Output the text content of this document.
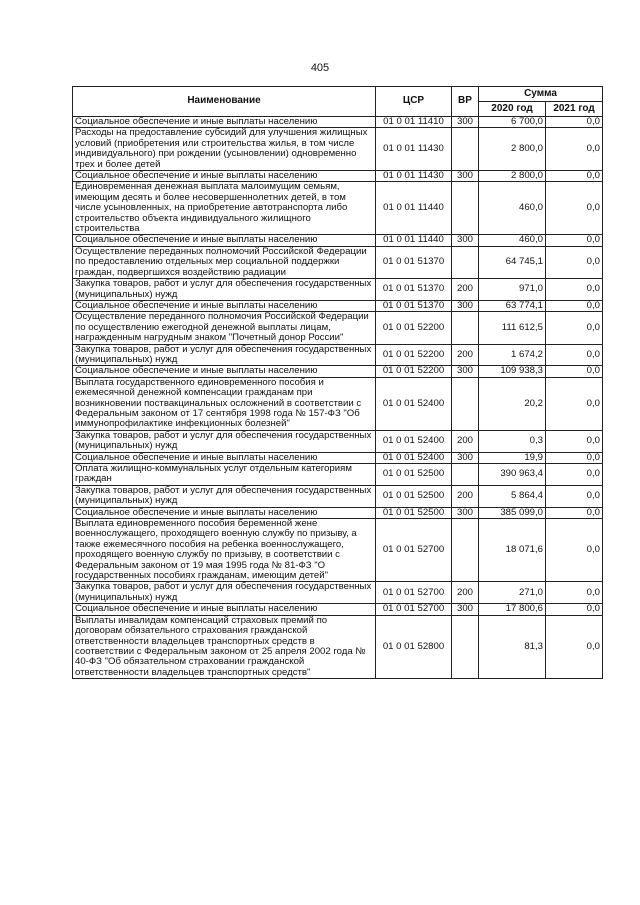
405
Наименование	ЦСР	ВР	Сумма	
			2020 год	2021 год
Социальное обеспечение и иные выплаты населению	01 0 01 11410	300	6 700,0	0,0
Расходы на предоставление субсидий для улучшения жилищных условий (приобретения или строительства жилья, в том числе индивидуального) при рождении (усыновлении) одновременно трех и более детей	01 0 01 11430		2 800,0	0,0
Социальное обеспечение и иные выплаты населению	01 0 01 11430	300	2 800,0	0,0
Единовременная денежная выплата малоимущим семьям, имеющим десять и более несовершеннолетних детей, в том числе усыновленных, на приобретение автотранспорта либо строительство объекта индивидуального жилищного строительства	01 0 01 11440		460,0	0,0
Социальное обеспечение и иные выплаты населению	01 0 01 11440	300	460,0	0,0
Осуществление переданных полномочий Российской Федерации по предоставлению отдельных мер социальной поддержки граждан, подвергшихся воздействию радиации	01 0 01 51370		64 745,1	0,0
Закупка товаров, работ и услуг для обеспечения государственных (муниципальных) нужд	01 0 01 51370	200	971,0	0,0
Социальное обеспечение и иные выплаты населению	01 0 01 51370	300	63 774,1	0,0
Осуществление переданного полномочия Российской Федерации по осуществлению ежегодной денежной выплаты лицам, награжденным нагрудным знаком "Почетный донор России"	01 0 01 52200		111 612,5	0,0
Закупка товаров, работ и услуг для обеспечения государственных (муниципальных) нужд	01 0 01 52200	200	1 674,2	0,0
Социальное обеспечение и иные выплаты населению	01 0 01 52200	300	109 938,3	0,0
Выплата государственного единовременного пособия и ежемесячной денежной компенсации гражданам при возникновении поствакцинальных осложнений в соответствии с Федеральным законом от 17 сентября 1998 года № 157-ФЗ "Об иммунопрофилактике инфекционных болезней"	01 0 01 52400		20,2	0,0
Закупка товаров, работ и услуг для обеспечения государственных (муниципальных) нужд	01 0 01 52400	200	0,3	0,0
Социальное обеспечение и иные выплаты населению	01 0 01 52400	300	19,9	0,0
Оплата жилищно-коммунальных услуг отдельным категориям граждан	01 0 01 52500		390 963,4	0,0
Закупка товаров, работ и услуг для обеспечения государственных (муниципальных) нужд	01 0 01 52500	200	5 864,4	0,0
Социальное обеспечение и иные выплаты населению	01 0 01 52500	300	385 099,0	0,0
Выплата единовременного пособия беременной жене военнослужащего, проходящего военную службу по призыву, а также ежемесячного пособия на ребенка военнослужащего, проходящего военную службу по призыву, в соответствии с Федеральным законом от 19 мая 1995 года № 81-ФЗ "О государственных пособиях гражданам, имеющим детей"	01 0 01 52700		18 071,6	0,0
Закупка товаров, работ и услуг для обеспечения государственных (муниципальных) нужд	01 0 01 52700	200	271,0	0,0
Социальное обеспечение и иные выплаты населению	01 0 01 52700	300	17 800,6	0,0
Выплаты инвалидам компенсаций страховых премий по договорам обязательного страхования гражданской ответственности владельцев транспортных средств в соответствии с Федеральным законом от 25 апреля 2002 года № 40-ФЗ "Об обязательном страховании гражданской ответственности владельцев транспортных средств"	01 0 01 52800		81,3	0,0
